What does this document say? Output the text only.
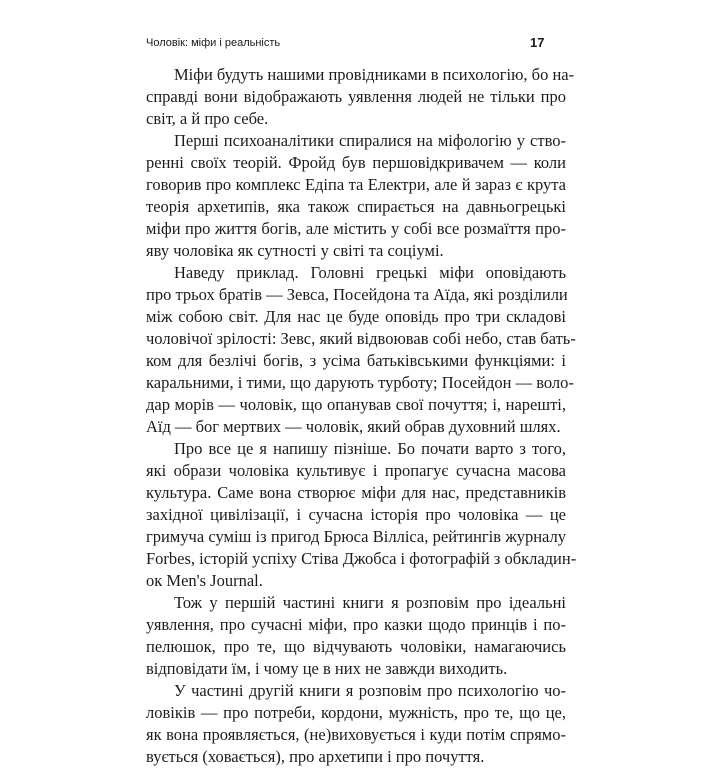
Чоловік: міфи і реальність	17
Міфи будуть нашими провідниками в психологію, бо на-
справді вони відображають уявлення людей не тільки про
світ, а й про себе.
Перші психоаналітики спиралися на міфологію у ство-
ренні своїх теорій. Фройд був першовідкривачем — коли
говорив про комплекс Едіпа та Електри, але й зараз є крута
теорія архетипів, яка також спирається на давньогрецькі
міфи про життя богів, але містить у собі все розмаїття про-
яву чоловіка як сутності у світі та соціумі.
Наведу приклад. Головні грецькі міфи оповідають
про трьох братів — Зевса, Посейдона та Аїда, які розділили
між собою світ. Для нас це буде оповідь про три складові
чоловічої зрілості: Зевс, який відвоював собі небо, став бать-
ком для безлічі богів, з усіма батьківськими функціями: і
каральними, і тими, що дарують турботу; Посейдон — воло-
дар морів — чоловік, що опанував свої почуття; і, нарешті,
Аїд — бог мертвих — чоловік, який обрав духовний шлях.
Про все це я напишу пізніше. Бо почати варто з того,
які образи чоловіка культивує і пропагує сучасна масова
культура. Саме вона створює міфи для нас, представників
західної цивілізації, і сучасна історія про чоловіка — це
гримуча суміш із пригод Брюса Вілліса, рейтингів журналу
Forbes, історій успіху Стіва Джобса і фотографій з обкладин-
ок Men's Journal.
Тож у першій частині книги я розповім про ідеальні
уявлення, про сучасні міфи, про казки щодо принців і по-
пелюшок, про те, що відчувають чоловіки, намагаючись
відповідати їм, і чому це в них не завжди виходить.
У частині другій книги я розповім про психологію чо-
ловіків — про потреби, кордони, мужність, про те, що це,
як вона проявляється, (не)виховується і куди потім спрямо-
вується (ховається), про архетипи і про почуття.
